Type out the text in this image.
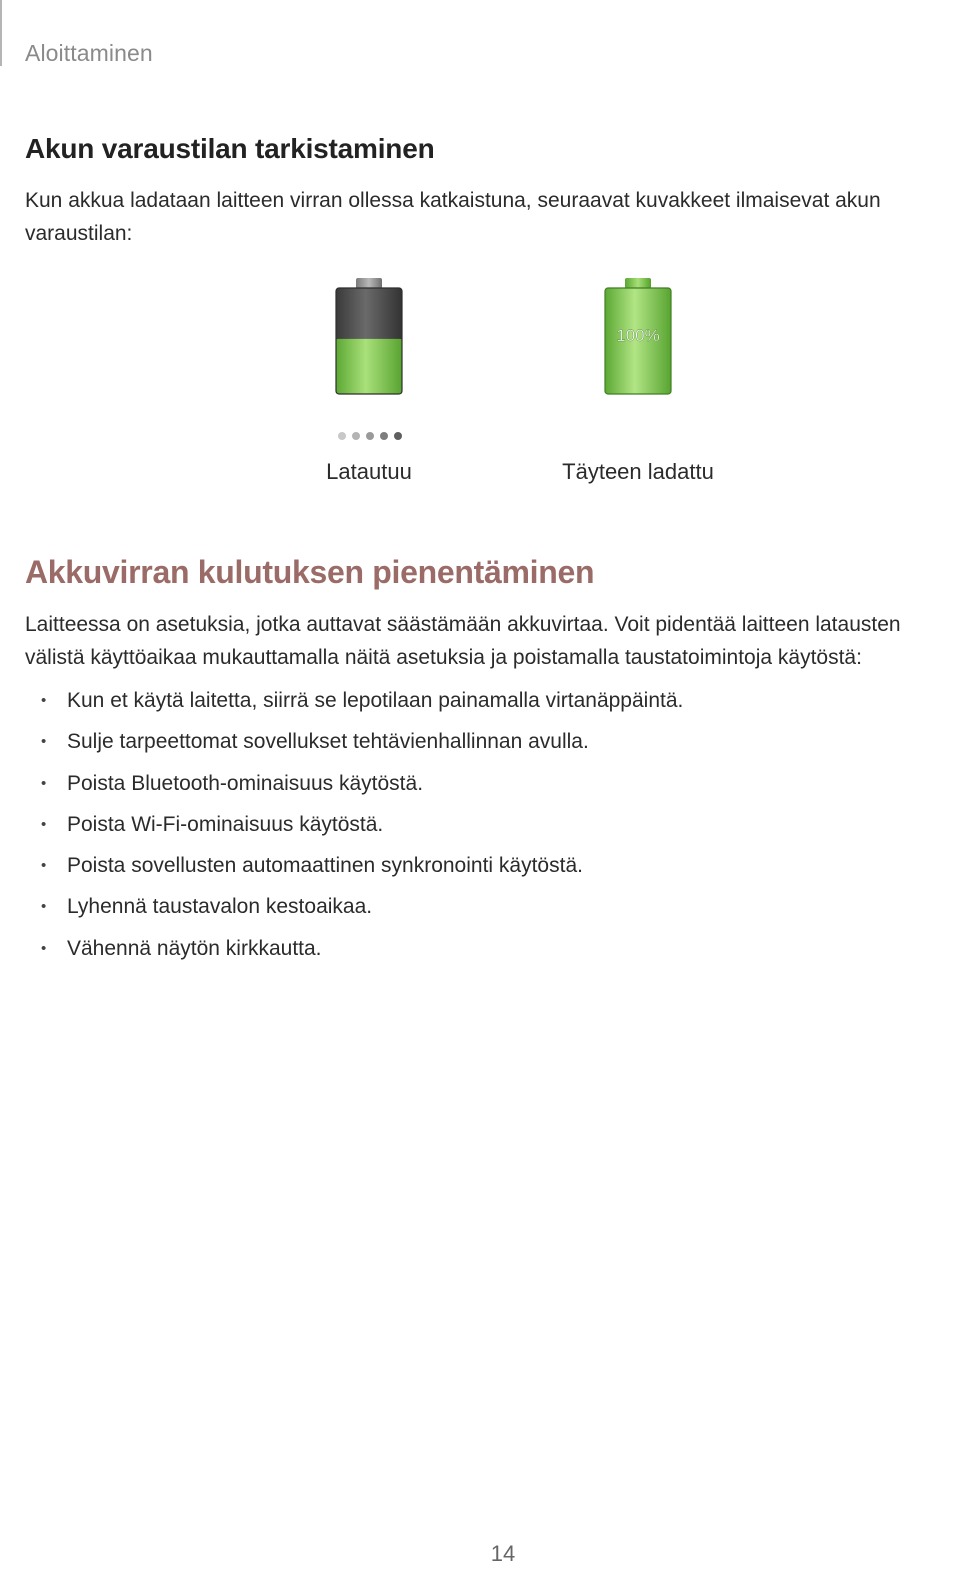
Aloittaminen
Akun varaustilan tarkistaminen

Kun akkua ladataan laitteen virran ollessa katkaistuna, seuraavat kuvakkeet ilmaisevat akun varaustilan:

100%
Latautuu	Täyteen ladattu
Akkuvirran kulutuksen pienentäminen

Laitteessa on asetuksia, jotka auttavat säästämään akkuvirtaa. Voit pidentää laitteen latausten välistä käyttöaikaa mukauttamalla näitä asetuksia ja poistamalla taustatoimintoja käytöstä:

• Kun et käytä laitetta, siirrä se lepotilaan painamalla virtanäppäintä.
• Sulje tarpeettomat sovellukset tehtävienhallinnan avulla.
• Poista Bluetooth-ominaisuus käytöstä.
• Poista Wi-Fi-ominaisuus käytöstä.
• Poista sovellusten automaattinen synkronointi käytöstä.
• Lyhennä taustavalon kestoaikaa.
• Vähennä näytön kirkkautta.
14
